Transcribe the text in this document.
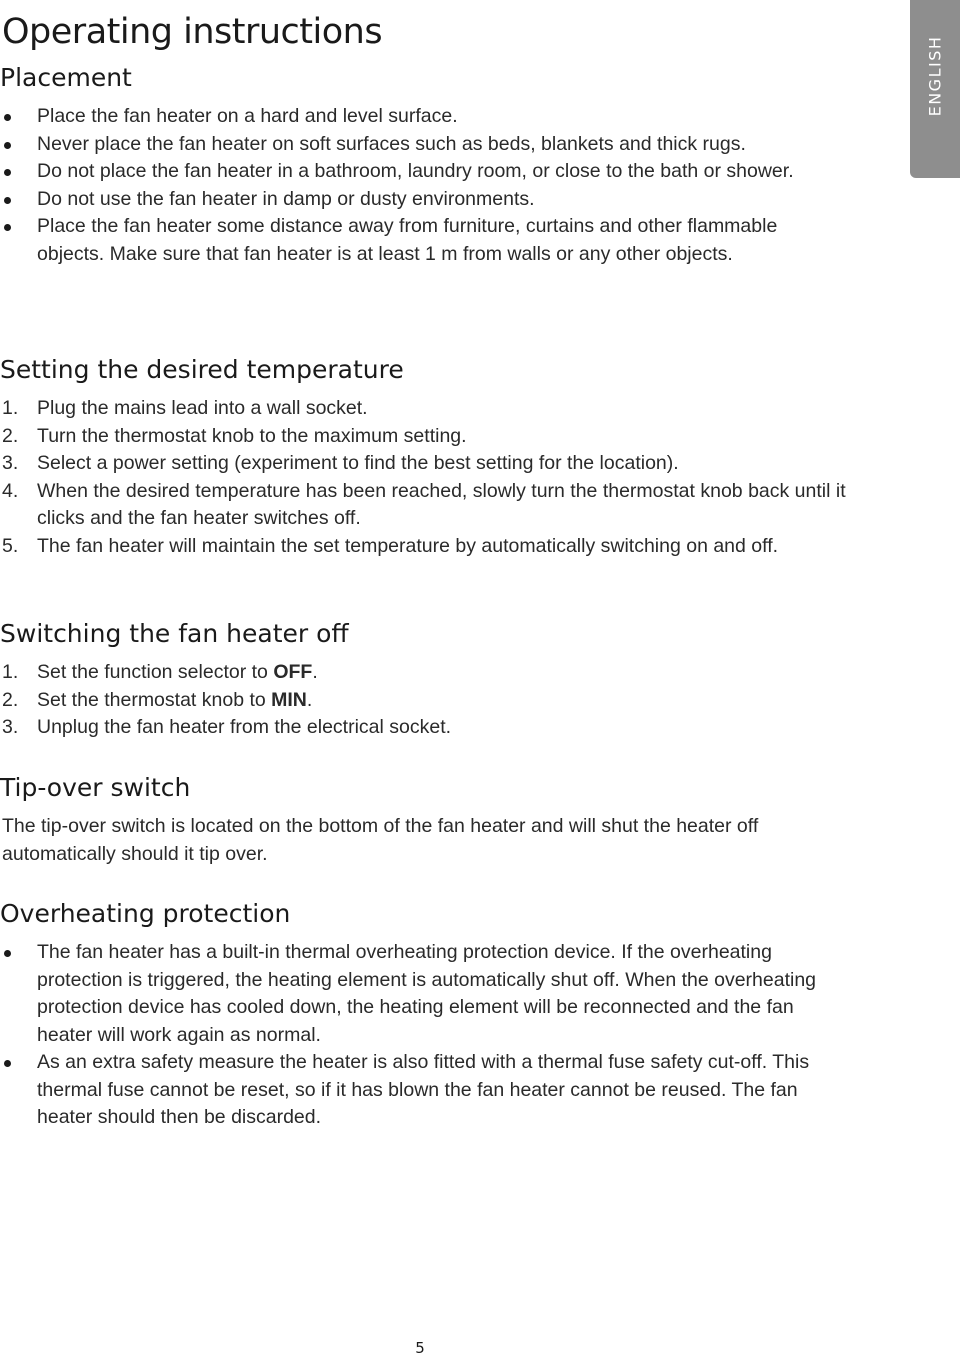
Operating instructions
ENGLISH
Placement
Place the fan heater on a hard and level surface.
Never place the fan heater on soft surfaces such as beds, blankets and thick rugs.
Do not place the fan heater in a bathroom, laundry room, or close to the bath or shower.
Do not use the fan heater in damp or dusty environments.
Place the fan heater some distance away from furniture, curtains and other flammable objects. Make sure that fan heater is at least 1 m from walls or any other objects.
Setting the desired temperature
1. Plug the mains lead into a wall socket.
2. Turn the thermostat knob to the maximum setting.
3. Select a power setting (experiment to find the best setting for the location).
4. When the desired temperature has been reached, slowly turn the thermostat knob back until it clicks and the fan heater switches off.
5. The fan heater will maintain the set temperature by automatically switching on and off.
Switching the fan heater off
1. Set the function selector to OFF.
2. Set the thermostat knob to MIN.
3. Unplug the fan heater from the electrical socket.
Tip-over switch

The tip-over switch is located on the bottom of the fan heater and will shut the heater off automatically should it tip over.

Overheating protection
The fan heater has a built-in thermal overheating protection device. If the overheating protection is triggered, the heating element is automatically shut off. When the overheating protection device has cooled down, the heating element will be reconnected and the fan heater will work again as normal.
As an extra safety measure the heater is also fitted with a thermal fuse safety cut-off. This thermal fuse cannot be reset, so if it has blown the fan heater cannot be reused. The fan heater should then be discarded.
5
